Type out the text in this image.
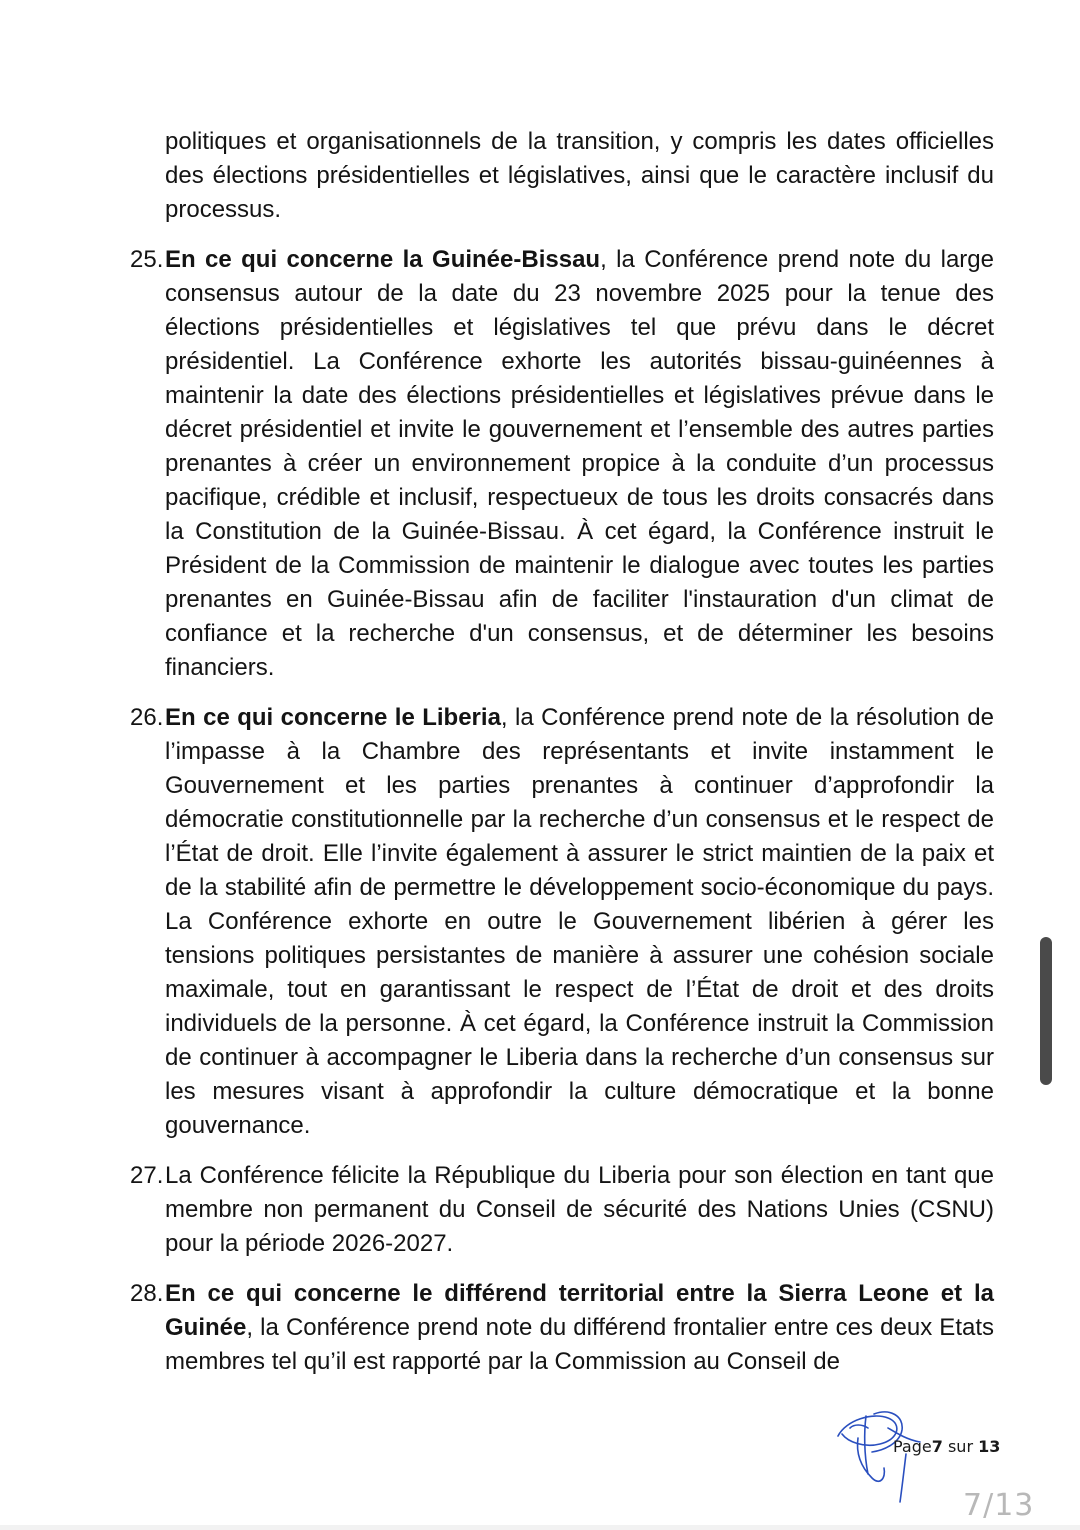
politiques et organisationnels de la transition, y compris les dates officielles des élections présidentielles et législatives, ainsi que le caractère inclusif du processus.

25. En ce qui concerne la Guinée-Bissau, la Conférence prend note du large consensus autour de la date du 23 novembre 2025 pour la tenue des élections présidentielles et législatives tel que prévu dans le décret présidentiel. La Conférence exhorte les autorités bissau-guinéennes à maintenir la date des élections présidentielles et législatives prévue dans le décret présidentiel et invite le gouvernement et l’ensemble des autres parties prenantes à créer un environnement propice à la conduite d’un processus pacifique, crédible et inclusif, respectueux de tous les droits consacrés dans la Constitution de la Guinée-Bissau. À cet égard, la Conférence instruit le Président de la Commission de maintenir le dialogue avec toutes les parties prenantes en Guinée-Bissau afin de faciliter l'instauration d'un climat de confiance et la recherche d'un consensus, et de déterminer les besoins financiers.

26. En ce qui concerne le Liberia, la Conférence prend note de la résolution de l’impasse à la Chambre des représentants et invite instamment le Gouvernement et les parties prenantes à continuer d’approfondir la démocratie constitutionnelle par la recherche d’un consensus et le respect de l’État de droit. Elle l’invite également à assurer le strict maintien de la paix et de la stabilité afin de permettre le développement socio-économique du pays. La Conférence exhorte en outre le Gouvernement libérien à gérer les tensions politiques persistantes de manière à assurer une cohésion sociale maximale, tout en garantissant le respect de l’État de droit et des droits individuels de la personne. À cet égard, la Conférence instruit la Commission de continuer à accompagner le Liberia dans la recherche d’un consensus sur les mesures visant à approfondir la culture démocratique et la bonne gouvernance.

27. La Conférence félicite la République du Liberia pour son élection en tant que membre non permanent du Conseil de sécurité des Nations Unies (CSNU) pour la période 2026-2027.

28. En ce qui concerne le différend territorial entre la Sierra Leone et la Guinée, la Conférence prend note du différend frontalier entre ces deux Etats membres tel qu’il est rapporté par la Commission au Conseil de

Page7 sur 13
7/13
